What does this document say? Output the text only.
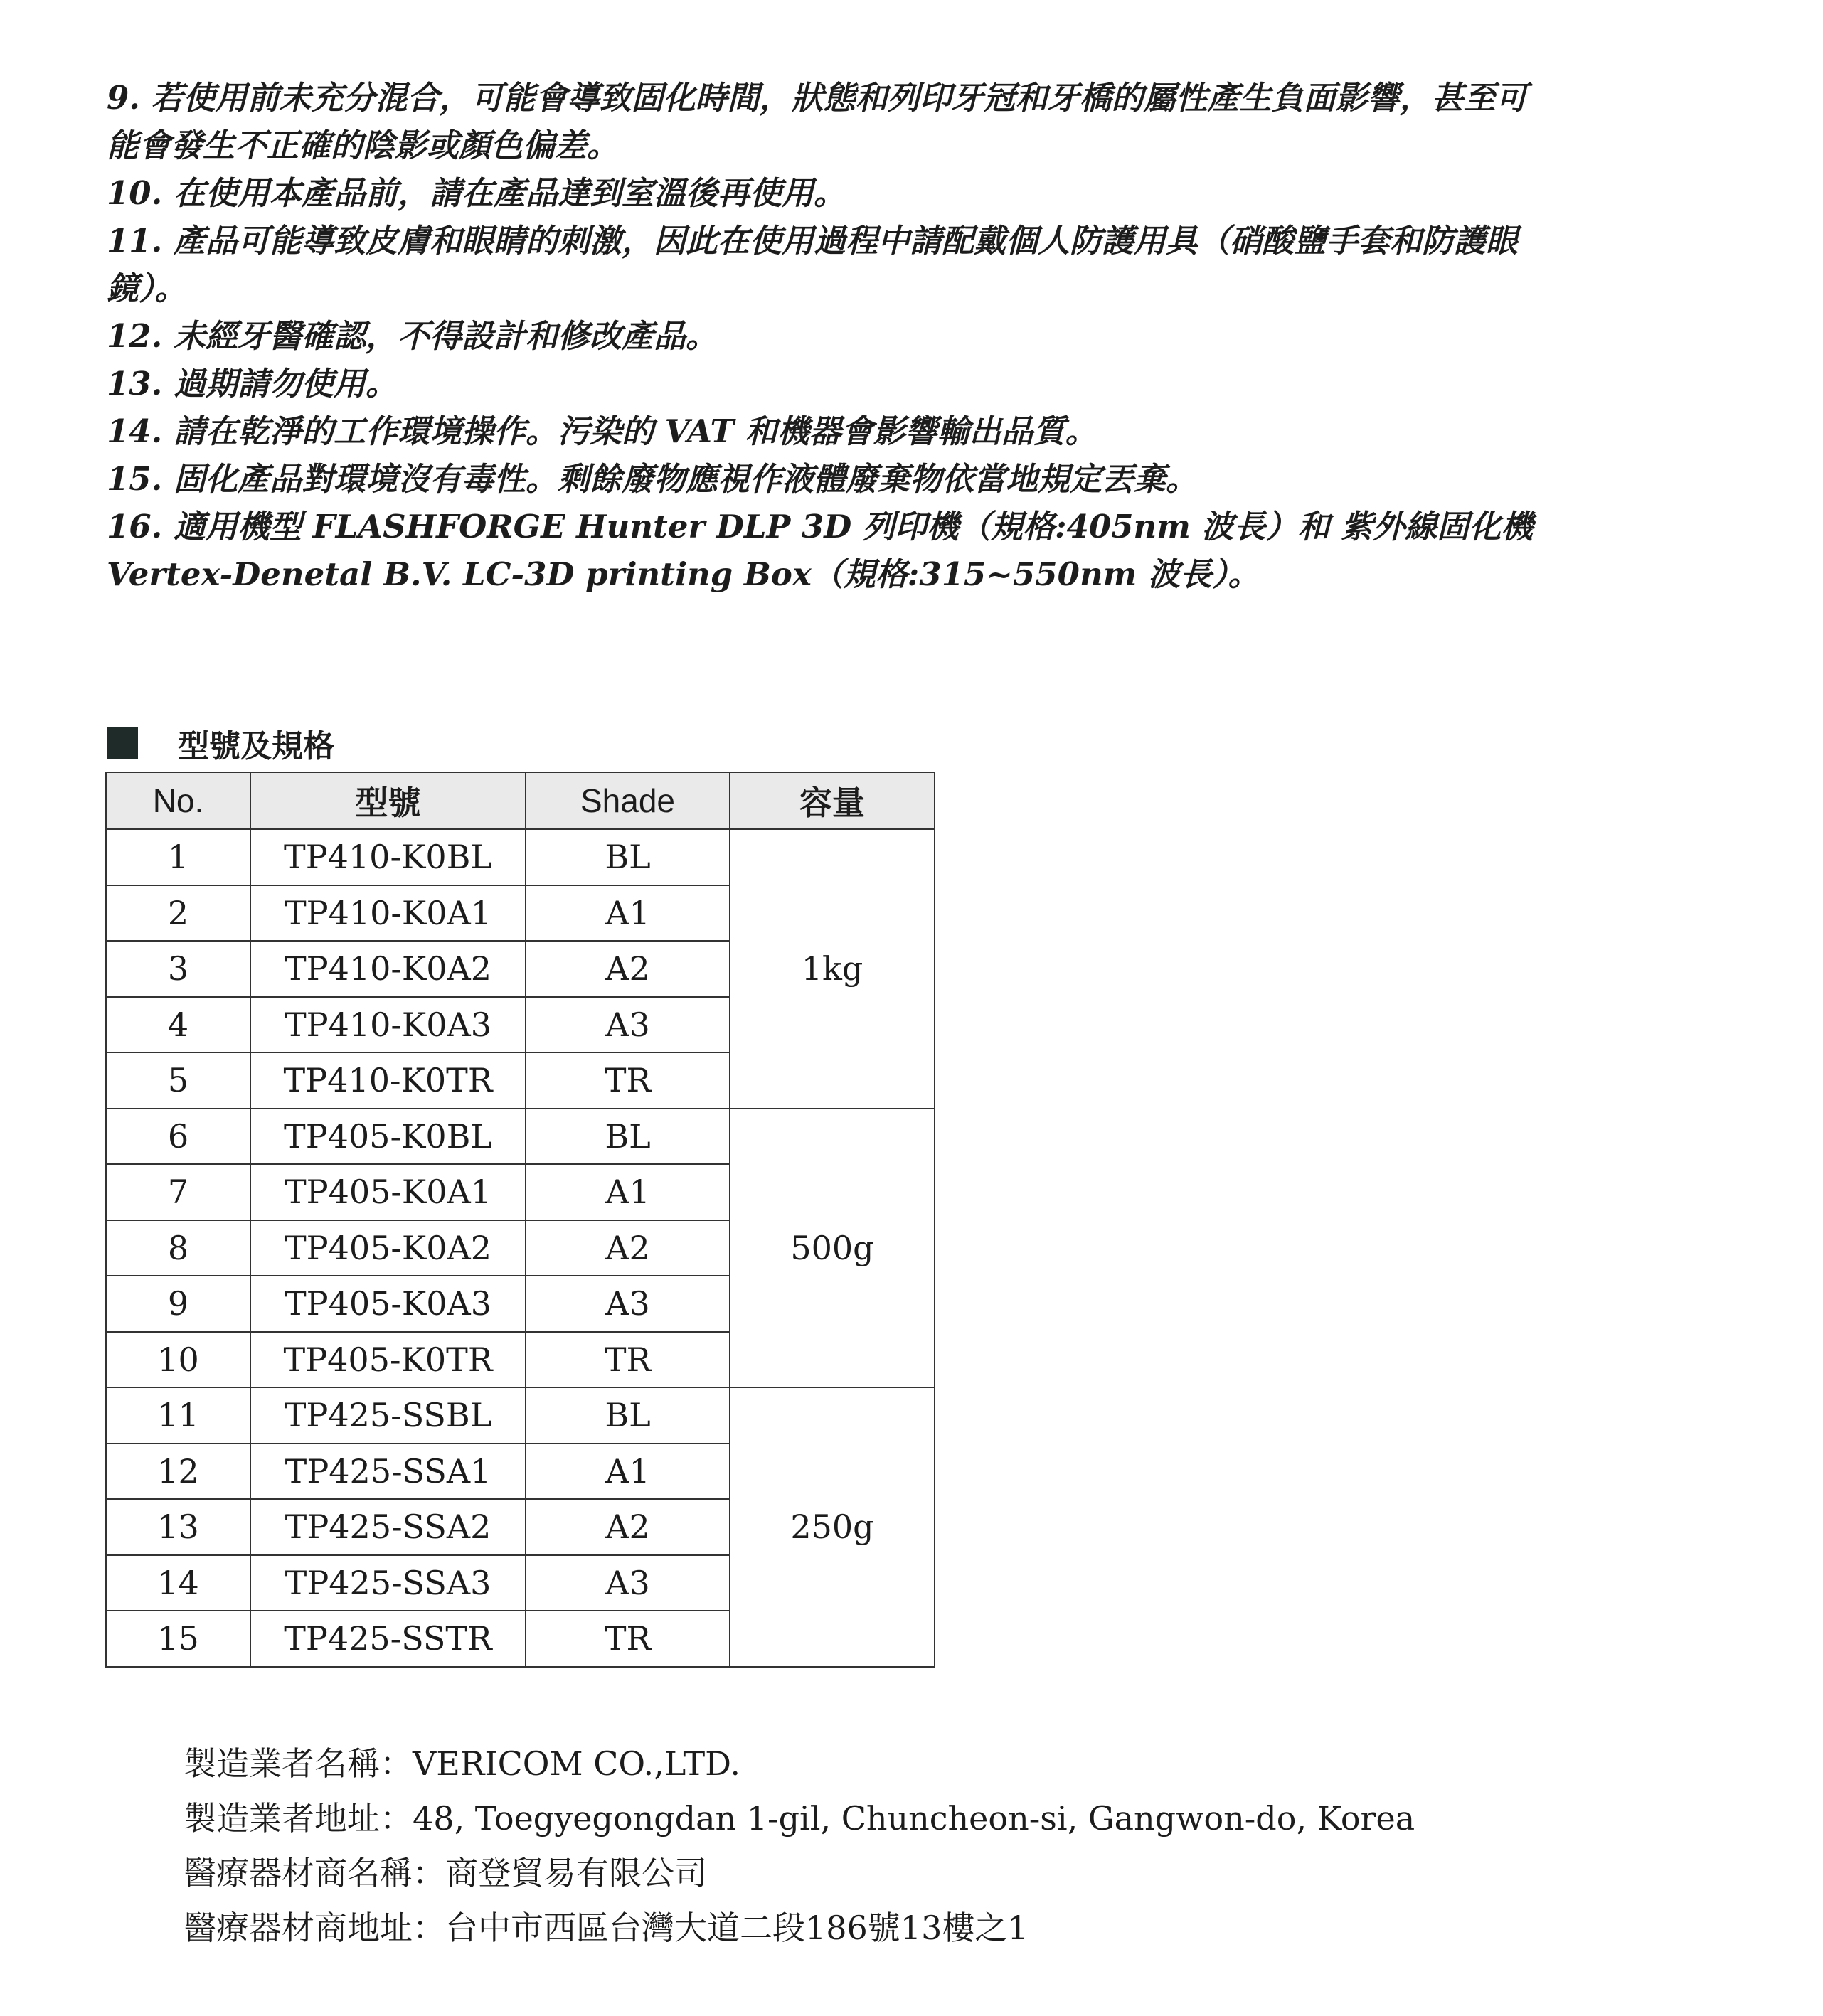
9. 若使用前未充分混合，可能會導致固化時間，狀態和列印牙冠和牙橋的屬性產生負面影響，甚至可

能會發生不正確的陰影或顏色偏差。

10. 在使用本產品前，請在產品達到室溫後再使用。

11. 產品可能導致皮膚和眼睛的刺激，因此在使用過程中請配戴個人防護用具（硝酸鹽手套和防護眼

鏡）。

12. 未經牙醫確認，不得設計和修改產品。

13. 過期請勿使用。

14. 請在乾淨的工作環境操作。污染的 VAT 和機器會影響輸出品質。

15. 固化產品對環境沒有毒性。剩餘廢物應視作液體廢棄物依當地規定丟棄。

16. 適用機型 FLASHFORGE Hunter DLP 3D 列印機（規格:405nm 波長）和 紫外線固化機

Vertex-Denetal B.V. LC-3D printing Box（規格:315~550nm 波長）。

型號及規格
No.	型號	Shade	容量
1	TP410-K0BL	BL	1kg
2	TP410-K0A1	A1	
3	TP410-K0A2	A2	
4	TP410-K0A3	A3	
5	TP410-K0TR	TR	
6	TP405-K0BL	BL	500g
7	TP405-K0A1	A1	
8	TP405-K0A2	A2	
9	TP405-K0A3	A3	
10	TP405-K0TR	TR	
11	TP425-SSBL	BL	250g
12	TP425-SSA1	A1	
13	TP425-SSA2	A2	
14	TP425-SSA3	A3	
15	TP425-SSTR	TR	

製造業者名稱：VERICOM CO.,LTD.

製造業者地址：48, Toegyegongdan 1-gil, Chuncheon-si, Gangwon-do, Korea

醫療器材商名稱：商登貿易有限公司

醫療器材商地址：台中市西區台灣大道二段186號13樓之1
